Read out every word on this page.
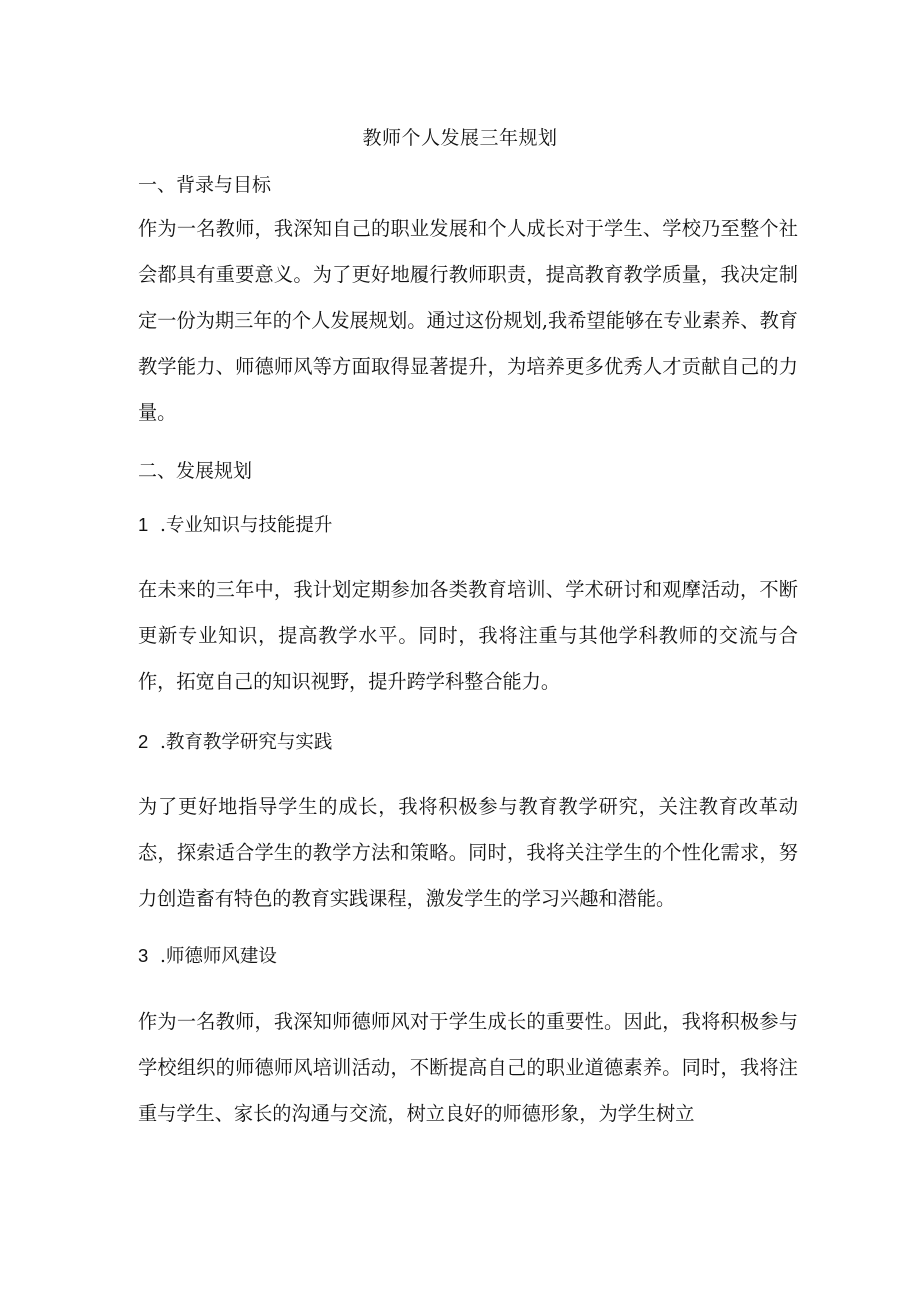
教师个人发展三年规划
一、背录与目标
作为一名教师，我深知自己的职业发展和个人成长对于学生、学校乃至整个社会都具有重要意义。为了更好地履行教师职责，提高教育教学质量，我决定制定一份为期三年的个人发展规划。通过这份规划,我希望能够在专业素养、教育教学能力、师德师风等方面取得显著提升，为培养更多优秀人才贡献自己的力量。
二、发展规划
1 .专业知识与技能提升
在未来的三年中，我计划定期参加各类教育培训、学术研讨和观摩活动，不断更新专业知识，提高教学水平。同时，我将注重与其他学科教师的交流与合作，拓宽自己的知识视野，提升跨学科整合能力。
2 .教育教学研究与实践
为了更好地指导学生的成长，我将积极参与教育教学研究，关注教育改革动态，探索适合学生的教学方法和策略。同时，我将关注学生的个性化需求，努力创造畜有特色的教育实践课程，激发学生的学习兴趣和潜能。
3 .师德师风建设
作为一名教师，我深知师德师风对于学生成长的重要性。因此，我将积极参与学校组织的师德师风培训活动，不断提高自己的职业道德素养。同时，我将注重与学生、家长的沟通与交流，树立良好的师德形象，为学生树立
